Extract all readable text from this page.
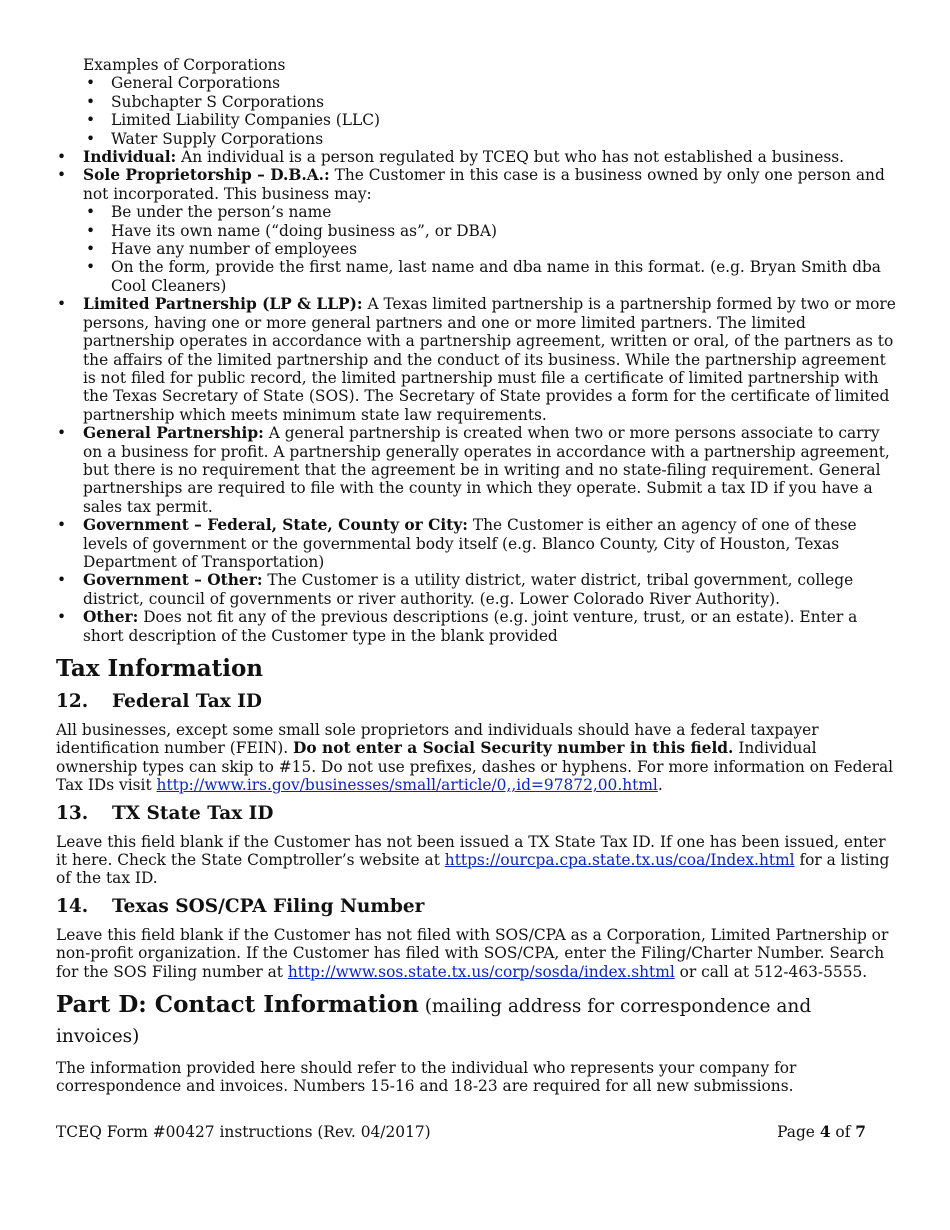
Examples of Corporations
• General Corporations
• Subchapter S Corporations
• Limited Liability Companies (LLC)
• Water Supply Corporations
• Individual: An individual is a person regulated by TCEQ but who has not established a business.
• Sole Proprietorship – D.B.A.: The Customer in this case is a business owned by only one person and not incorporated. This business may:
• Be under the person’s name
• Have its own name (“doing business as”, or DBA)
• Have any number of employees
• On the form, provide the first name, last name and dba name in this format. (e.g. Bryan Smith dba Cool Cleaners)
• Limited Partnership (LP & LLP): A Texas limited partnership is a partnership formed by two or more persons, having one or more general partners and one or more limited partners. The limited partnership operates in accordance with a partnership agreement, written or oral, of the partners as to the affairs of the limited partnership and the conduct of its business. While the partnership agreement is not filed for public record, the limited partnership must file a certificate of limited partnership with the Texas Secretary of State (SOS). The Secretary of State provides a form for the certificate of limited partnership which meets minimum state law requirements.
• General Partnership: A general partnership is created when two or more persons associate to carry on a business for profit. A partnership generally operates in accordance with a partnership agreement, but there is no requirement that the agreement be in writing and no state-filing requirement. General partnerships are required to file with the county in which they operate. Submit a tax ID if you have a sales tax permit.
• Government – Federal, State, County or City: The Customer is either an agency of one of these levels of government or the governmental body itself (e.g. Blanco County, City of Houston, Texas Department of Transportation)
• Government – Other: The Customer is a utility district, water district, tribal government, college district, council of governments or river authority. (e.g. Lower Colorado River Authority).
• Other: Does not fit any of the previous descriptions (e.g. joint venture, trust, or an estate). Enter a short description of the Customer type in the blank provided
Tax Information
12. Federal Tax ID

All businesses, except some small sole proprietors and individuals should have a federal taxpayer identification number (FEIN). Do not enter a Social Security number in this field. Individual ownership types can skip to #15. Do not use prefixes, dashes or hyphens. For more information on Federal Tax IDs visit http://www.irs.gov/businesses/small/article/0,,id=97872,00.html.

13. TX State Tax ID

Leave this field blank if the Customer has not been issued a TX State Tax ID. If one has been issued, enter it here. Check the State Comptroller’s website at https://ourcpa.cpa.state.tx.us/coa/Index.html for a listing of the tax ID.

14. Texas SOS/CPA Filing Number

Leave this field blank if the Customer has not filed with SOS/CPA as a Corporation, Limited Partnership or non-profit organization. If the Customer has filed with SOS/CPA, enter the Filing/Charter Number. Search for the SOS Filing number at http://www.sos.state.tx.us/corp/sosda/index.shtml or call at 512-463-5555.

Part D: Contact Information (mailing address for correspondence and invoices)

The information provided here should refer to the individual who represents your company for correspondence and invoices. Numbers 15-16 and 18-23 are required for all new submissions.

TCEQ Form #00427 instructions (Rev. 04/2017)	Page 4 of 7
